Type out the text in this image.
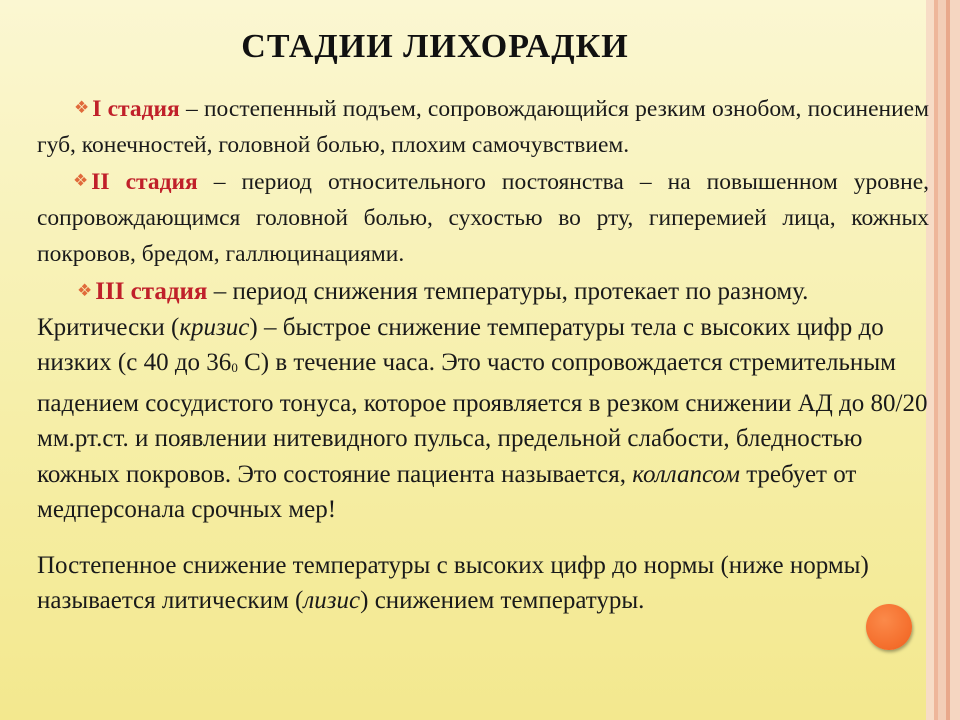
СТАДИИ ЛИХОРАДКИ

❖ I стадия – постепенный подъем, сопровождающийся резким ознобом, посинением губ, конечностей, головной болью, плохим самочувствием.

❖ II стадия – период относительного постоянства – на повышенном уровне, сопровождающимся головной болью, сухостью во рту, гиперемией лица, кожных покровов, бредом, галлюцинациями.

❖ III стадия – период снижения температуры, протекает по разному. Критически (кризис) – быстрое снижение температуры тела с высоких цифр до низких (с 40 до $36_0$ С) в течение часа. Это часто сопровождается стремительным падением сосудистого тонуса, которое проявляется в резком снижении АД до 80/20 мм.рт.ст. и появлении нитевидного пульса, предельной слабости, бледностью кожных покровов. Это состояние пациента называется, коллапсом требует от медперсонала срочных мер!

Постепенное снижение температуры с высоких цифр до нормы (ниже нормы) называется литическим (лизис) снижением температуры.
